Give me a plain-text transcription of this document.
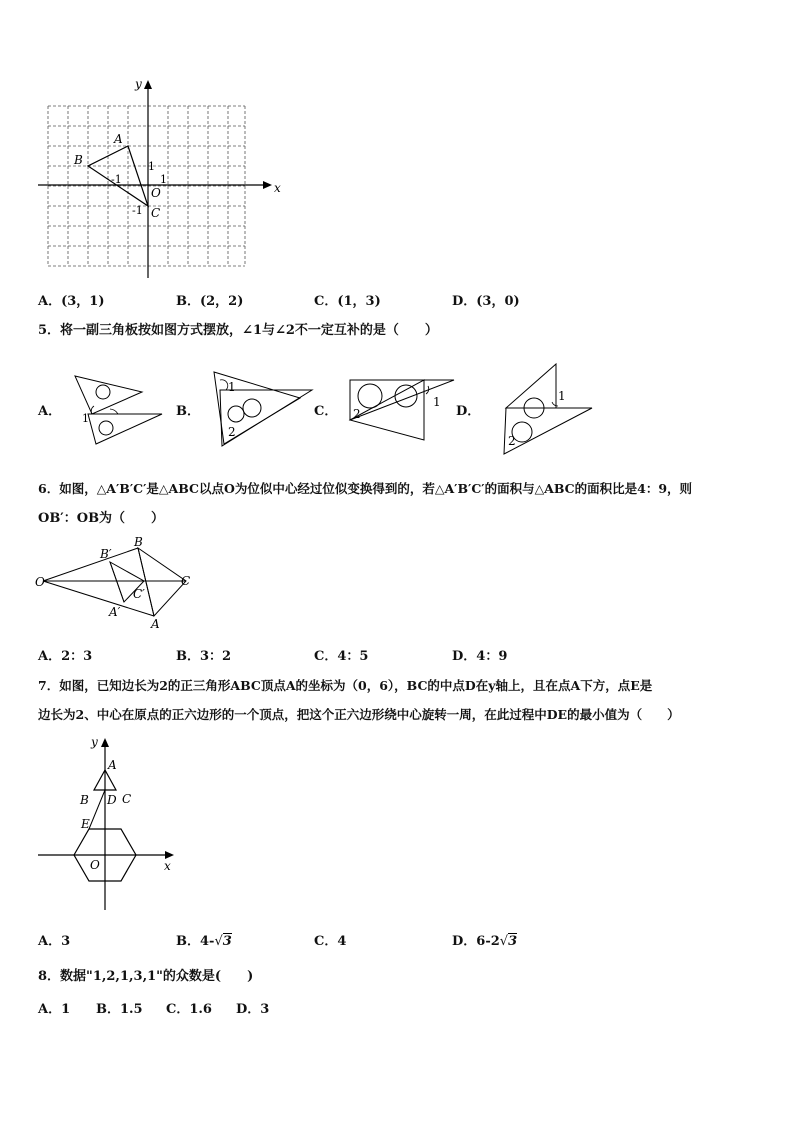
y
x
A
B
C
O
1
1
-1
-1
A．(3，1)	B．(2，2)	C．(1，3)	D．(3，0)
5．将一副三角板按如图方式摆放，∠1与∠2不一定互补的是（　　）
A． 1	B．
1
2
C．
1
2	D．
1
2
6．如图，△A′B′C′是△ABC以点O为位似中心经过位似变换得到的，若△A′B′C′的面积与△ABC的面积比是4：9，则
OB′：OB为（　　）
O
B′
B
C
C′
A′
A
A．2：3	B．3：2	C．4：5	D．4：9
7．如图，已知边长为2的正三角形ABC顶点A的坐标为（0，6），BC的中点D在y轴上，且在点A下方，点E是
边长为2、中心在原点的正六边形的一个顶点，把这个正六边形绕中心旋转一周，在此过程中DE的最小值为（　　）
y
A
B D C
E
O	x
A．3	B．4-√3	C．4	D．6-2√3
8．数据"1,2,1,3,1"的众数是(　　)
A．1 B．1.5 C．1.6 D．3
